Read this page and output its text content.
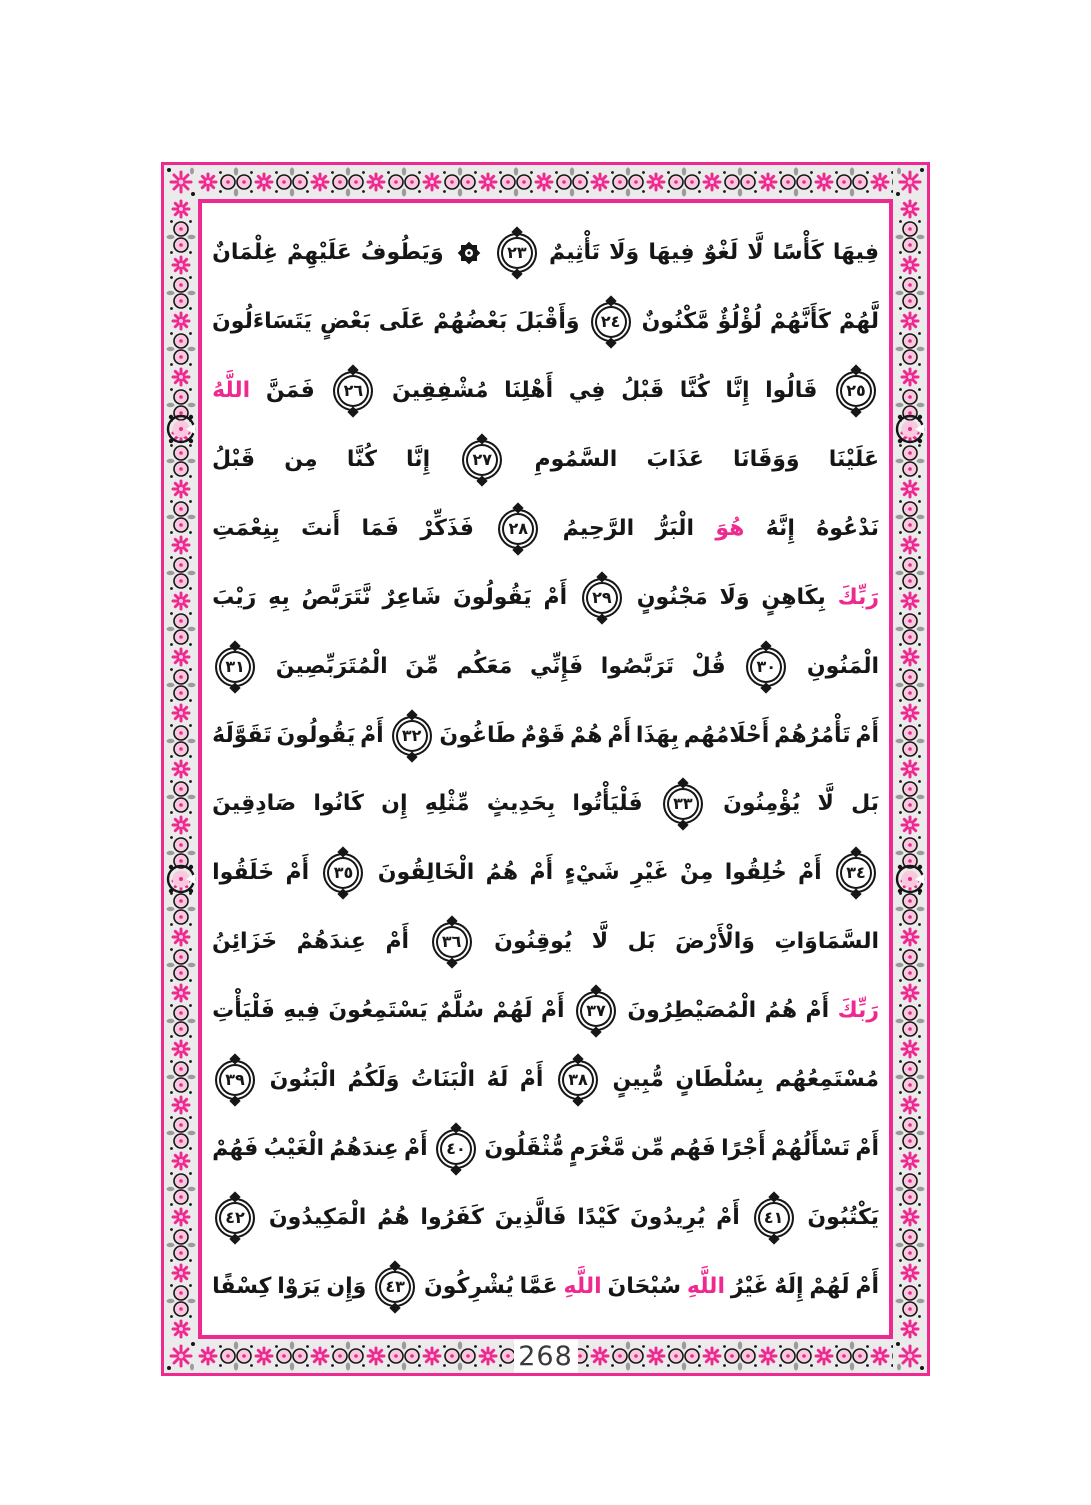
268
فِيهَا
كَأْسًا
لَّا
لَغْوٌ
فِيهَا
وَلَا
تَأْثِيمٌ
٢٣
وَيَطُوفُ
عَلَيْهِمْ
غِلْمَانٌ
لَّهُمْ
كَأَنَّهُمْ
لُؤْلُؤٌ
مَّكْنُونٌ
٢٤
وَأَقْبَلَ
بَعْضُهُمْ
عَلَى
بَعْضٍ
يَتَسَاءَلُونَ
٢٥
قَالُوا
إِنَّا
كُنَّا
قَبْلُ
فِي
أَهْلِنَا
مُشْفِقِينَ
٢٦
فَمَنَّ
اللَّهُ
عَلَيْنَا
وَوَقَانَا
عَذَابَ
السَّمُومِ
٢٧
إِنَّا
كُنَّا
مِن
قَبْلُ
نَدْعُوهُ
إِنَّهُ
هُوَ
الْبَرُّ
الرَّحِيمُ
٢٨
فَذَكِّرْ
فَمَا
أَنتَ
بِنِعْمَتِ
رَبِّكَ
بِكَاهِنٍ
وَلَا
مَجْنُونٍ
٢٩
أَمْ
يَقُولُونَ
شَاعِرٌ
نَّتَرَبَّصُ
بِهِ
رَيْبَ
الْمَنُونِ
٣٠
قُلْ
تَرَبَّصُوا
فَإِنِّي
مَعَكُم
مِّنَ
الْمُتَرَبِّصِينَ
٣١
أَمْ
تَأْمُرُهُمْ
أَحْلَامُهُم
بِهَذَا
أَمْ
هُمْ
قَوْمٌ
طَاغُونَ
٣٢
أَمْ
يَقُولُونَ
تَقَوَّلَهُ
بَل
لَّا
يُؤْمِنُونَ
٣٣
فَلْيَأْتُوا
بِحَدِيثٍ
مِّثْلِهِ
إِن
كَانُوا
صَادِقِينَ
٣٤
أَمْ
خُلِقُوا
مِنْ
غَيْرِ
شَيْءٍ
أَمْ
هُمُ
الْخَالِقُونَ
٣٥
أَمْ
خَلَقُوا
السَّمَاوَاتِ
وَالْأَرْضَ
بَل
لَّا
يُوقِنُونَ
٣٦
أَمْ
عِندَهُمْ
خَزَائِنُ
رَبِّكَ
أَمْ
هُمُ
الْمُصَيْطِرُونَ
٣٧
أَمْ
لَهُمْ
سُلَّمٌ
يَسْتَمِعُونَ
فِيهِ
فَلْيَأْتِ
مُسْتَمِعُهُم
بِسُلْطَانٍ
مُّبِينٍ
٣٨
أَمْ
لَهُ
الْبَنَاتُ
وَلَكُمُ
الْبَنُونَ
٣٩
أَمْ
تَسْأَلُهُمْ
أَجْرًا
فَهُم
مِّن
مَّغْرَمٍ
مُّثْقَلُونَ
٤٠
أَمْ
عِندَهُمُ
الْغَيْبُ
فَهُمْ
يَكْتُبُونَ
٤١
أَمْ
يُرِيدُونَ
كَيْدًا
فَالَّذِينَ
كَفَرُوا
هُمُ
الْمَكِيدُونَ
٤٢
أَمْ
لَهُمْ
إِلَهٌ
غَيْرُ
اللَّهِ
سُبْحَانَ
اللَّهِ
عَمَّا
يُشْرِكُونَ
٤٣
وَإِن
يَرَوْا
كِسْفًا
